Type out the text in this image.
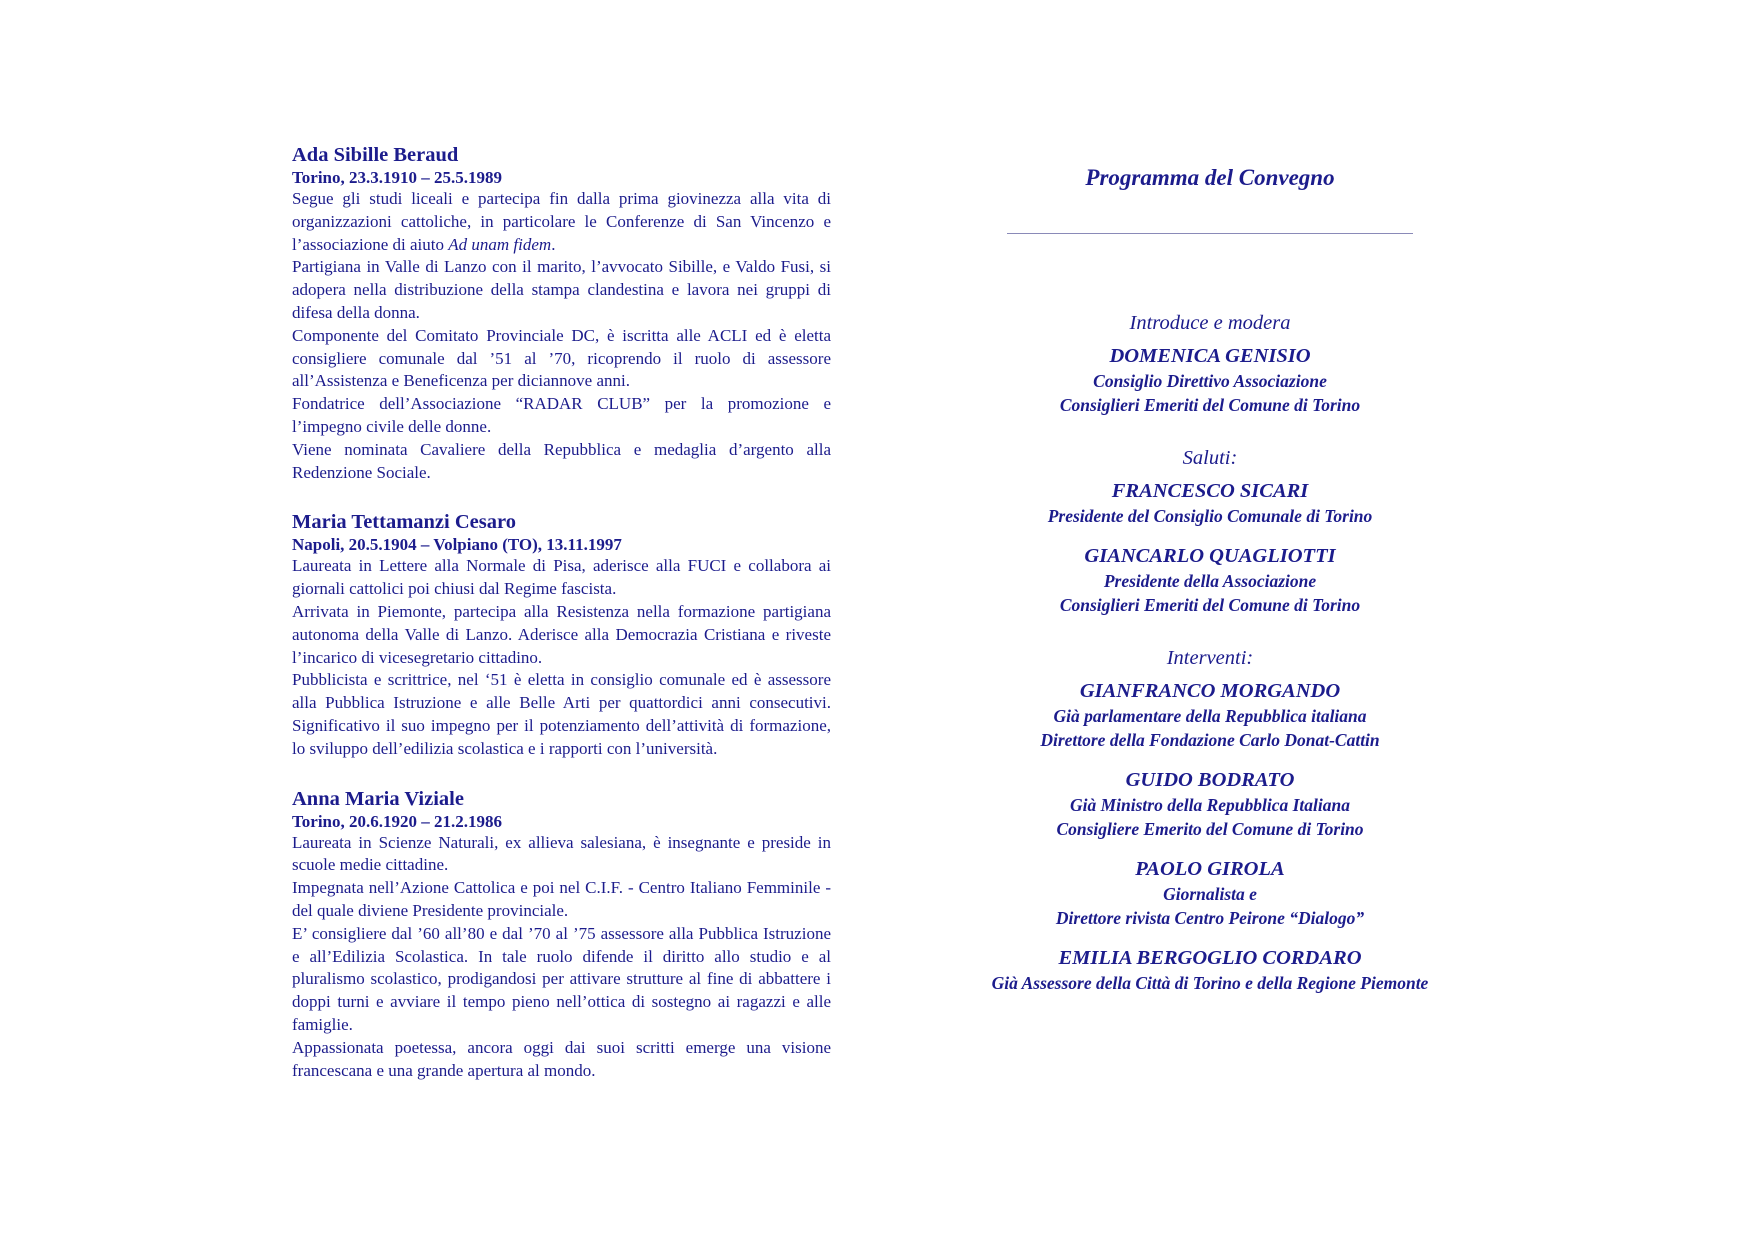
Ada Sibille Beraud

Torino, 23.3.1910 – 25.5.1989

Segue gli studi liceali e partecipa fin dalla prima giovinezza alla vita di organizzazioni cattoliche, in particolare le Conferenze di San Vincenzo e l’associazione di aiuto Ad unam fidem.

Partigiana in Valle di Lanzo con il marito, l’avvocato Sibille, e Valdo Fusi, si adopera nella distribuzione della stampa clandestina e lavora nei gruppi di difesa della donna.

Componente del Comitato Provinciale DC, è iscritta alle ACLI ed è eletta consigliere comunale dal ’51 al ’70, ricoprendo il ruolo di assessore all’Assistenza e Beneficenza per diciannove anni.

Fondatrice dell’Associazione “RADAR CLUB” per la promozione e l’impegno civile delle donne.

Viene nominata Cavaliere della Repubblica e medaglia d’argento alla Redenzione Sociale.

Maria Tettamanzi Cesaro

Napoli, 20.5.1904 – Volpiano (TO), 13.11.1997

Laureata in Lettere alla Normale di Pisa, aderisce alla FUCI e collabora ai giornali cattolici poi chiusi dal Regime fascista.

Arrivata in Piemonte, partecipa alla Resistenza nella formazione partigiana autonoma della Valle di Lanzo. Aderisce alla Democrazia Cristiana e riveste l’incarico di vicesegretario cittadino.

Pubblicista e scrittrice, nel ‘51 è eletta in consiglio comunale ed è assessore alla Pubblica Istruzione e alle Belle Arti per quattordici anni consecutivi. Significativo il suo impegno per il potenziamento dell’attività di formazione, lo sviluppo dell’edilizia scolastica e i rapporti con l’università.

Anna Maria Viziale

Torino, 20.6.1920 – 21.2.1986

Laureata in Scienze Naturali, ex allieva salesiana, è insegnante e preside in scuole medie cittadine.

Impegnata nell’Azione Cattolica e poi nel C.I.F. - Centro Italiano Femminile - del quale diviene Presidente provinciale.

E’ consigliere dal ’60 all’80 e dal ’70 al ’75 assessore alla Pubblica Istruzione e all’Edilizia Scolastica. In tale ruolo difende il diritto allo studio e al pluralismo scolastico, prodigandosi per attivare strutture al fine di abbattere i doppi turni e avviare il tempo pieno nell’ottica di sostegno ai ragazzi e alle famiglie.

Appassionata poetessa, ancora oggi dai suoi scritti emerge una visione francescana e una grande apertura al mondo.

Programma del Convegno

Introduce e modera

DOMENICA GENISIO

Consiglio Direttivo Associazione

Consiglieri Emeriti del Comune di Torino

Saluti:

FRANCESCO SICARI

Presidente del Consiglio Comunale di Torino

GIANCARLO QUAGLIOTTI

Presidente della Associazione

Consiglieri Emeriti del Comune di Torino

Interventi:

GIANFRANCO MORGANDO

Già parlamentare della Repubblica italiana

Direttore della Fondazione Carlo Donat-Cattin

GUIDO BODRATO

Già Ministro della Repubblica Italiana

Consigliere Emerito del Comune di Torino

PAOLO GIROLA

Giornalista e

Direttore rivista Centro Peirone “Dialogo”

EMILIA BERGOGLIO CORDARO

Già Assessore della Città di Torino e della Regione Piemonte
